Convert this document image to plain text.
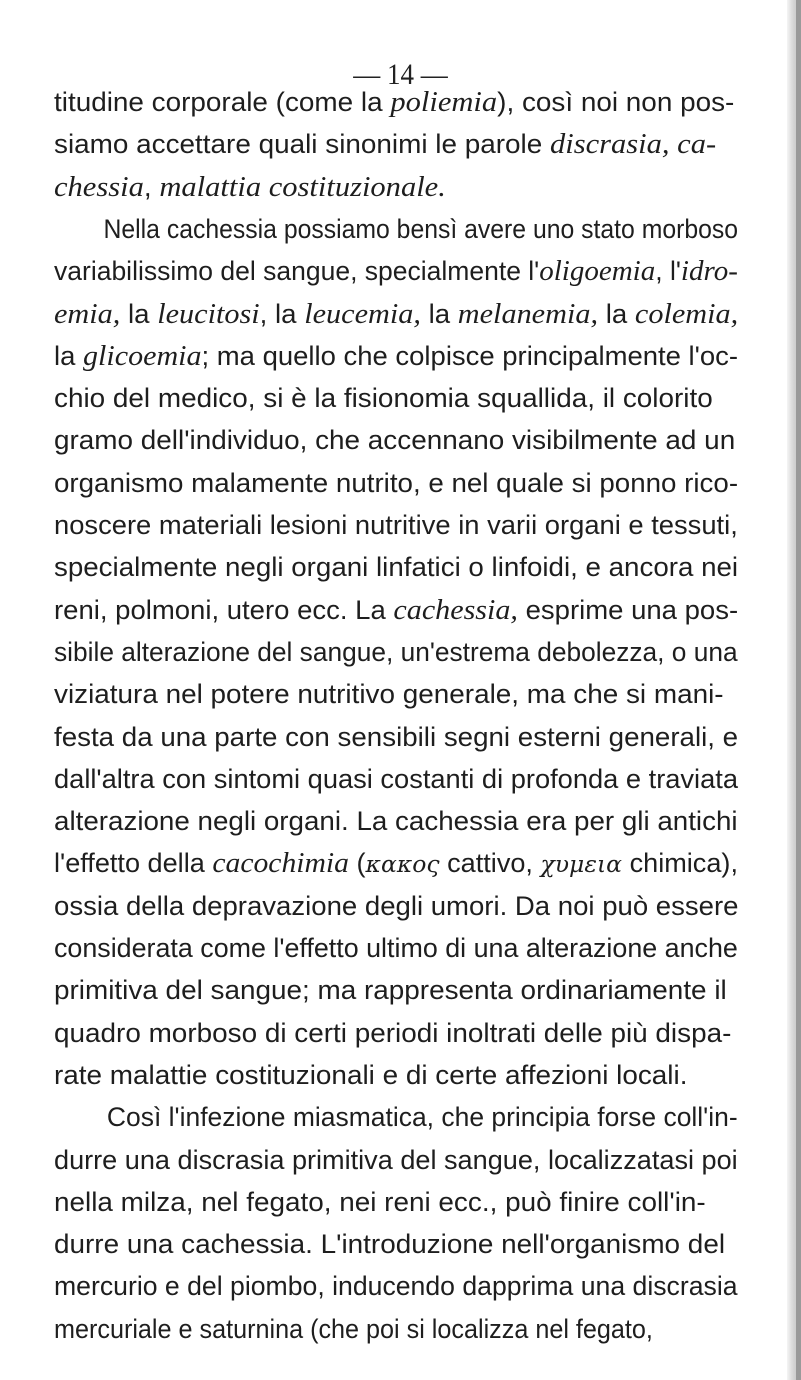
— 14 —
titudine corporale (come la poliemia), così noi non pos-
siamo accettare quali sinonimi le parole discrasia, ca-
chessia, malattia costituzionale.
  Nella cachessia possiamo bensì avere uno stato morboso
variabilissimo del sangue, specialmente l'oligoemia, l'idro-
emia, la leucitosi, la leucemia, la melanemia, la colemia,
la glicoemia; ma quello che colpisce principalmente l'oc-
chio del medico, si è la fisionomia squallida, il colorito
gramo dell'individuo, che accennano visibilmente ad un
organismo malamente nutrito, e nel quale si ponno rico-
noscere materiali lesioni nutritive in varii organi e tessuti,
specialmente negli organi linfatici o linfoidi, e ancora nei
reni, polmoni, utero ecc. La cachessia, esprime una pos-
sibile alterazione del sangue, un'estrema debolezza, o una
viziatura nel potere nutritivo generale, ma che si mani-
festa da una parte con sensibili segni esterni generali, e
dall'altra con sintomi quasi costanti di profonda e traviata
alterazione negli organi. La cachessia era per gli antichi
l'effetto della cacochimia (κακος cattivo, χυμεια chimica),
ossia della depravazione degli umori. Da noi può essere
considerata come l'effetto ultimo di una alterazione anche
primitiva del sangue; ma rappresenta ordinariamente il
quadro morboso di certi periodi inoltrati delle più dispa-
rate malattie costituzionali e di certe affezioni locali.
  Così l'infezione miasmatica, che principia forse coll'in-
durre una discrasia primitiva del sangue, localizzatasi poi
nella milza, nel fegato, nei reni ecc., può finire coll'in-
durre una cachessia. L'introduzione nell'organismo del
mercurio e del piombo, inducendo dapprima una discrasia
mercuriale e saturnina (che poi si localizza nel fegato,
